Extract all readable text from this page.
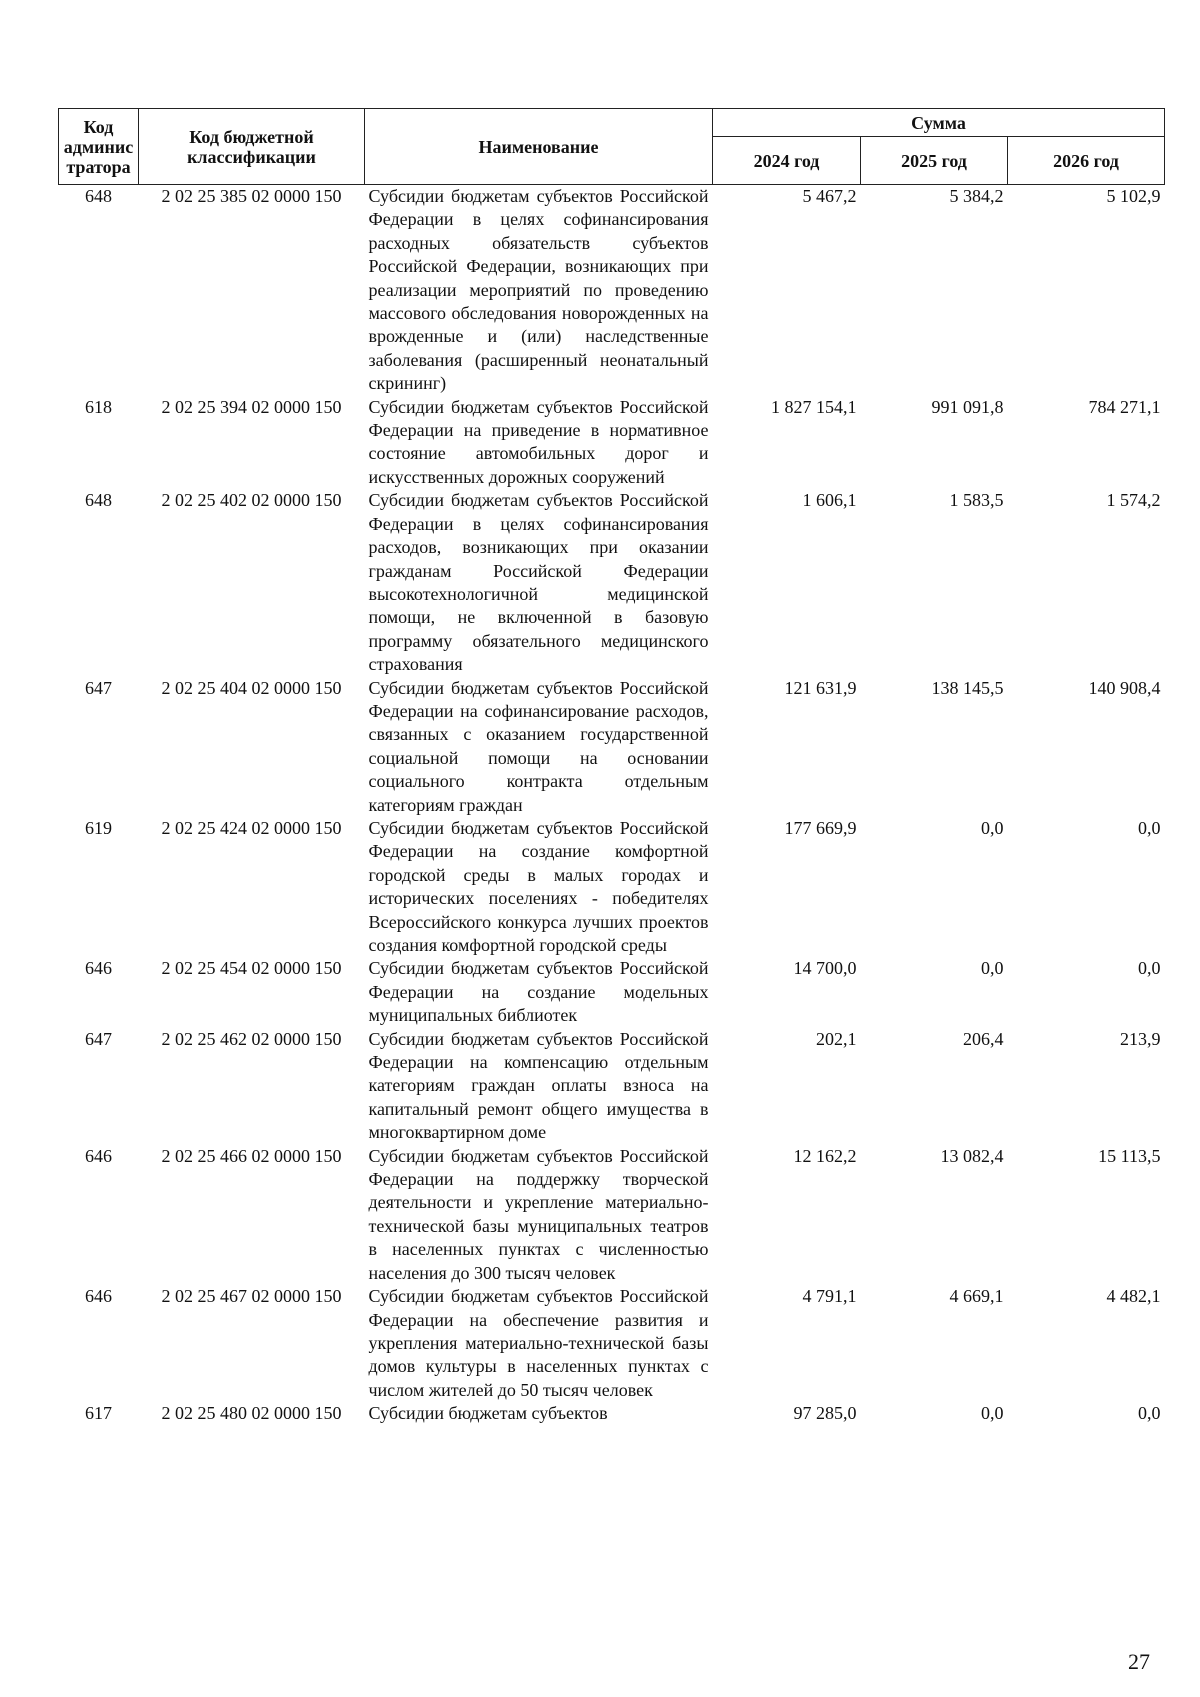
Код админис тратора	Код бюджетной классификации	Наименование	Сумма		
			2024 год	2025 год	2026 год
648	2 02 25 385 02 0000 150	Субсидии бюджетам субъектов Российской Федерации в целях софинансирования расходных обязательств субъектов Российской Федерации, возникающих при реализации мероприятий по проведению массового обследования новорожденных на врожденные и (или) наследственные заболевания (расширенный неонатальный скрининг)	5 467,2	5 384,2	5 102,9
618	2 02 25 394 02 0000 150	Субсидии бюджетам субъектов Российской Федерации на приведение в нормативное состояние автомобильных дорог и искусственных дорожных сооружений	1 827 154,1	991 091,8	784 271,1
648	2 02 25 402 02 0000 150	Субсидии бюджетам субъектов Российской Федерации в целях софинансирования расходов, возникающих при оказании гражданам Российской Федерации высокотехнологичной медицинской помощи, не включенной в базовую программу обязательного медицинского страхования	1 606,1	1 583,5	1 574,2
647	2 02 25 404 02 0000 150	Субсидии бюджетам субъектов Российской Федерации на софинансирование расходов, связанных с оказанием государственной социальной помощи на основании социального контракта отдельным категориям граждан	121 631,9	138 145,5	140 908,4
619	2 02 25 424 02 0000 150	Субсидии бюджетам субъектов Российской Федерации на создание комфортной городской среды в малых городах и исторических поселениях - победителях Всероссийского конкурса лучших проектов создания комфортной городской среды	177 669,9	0,0	0,0
646	2 02 25 454 02 0000 150	Субсидии бюджетам субъектов Российской Федерации на создание модельных муниципальных библиотек	14 700,0	0,0	0,0
647	2 02 25 462 02 0000 150	Субсидии бюджетам субъектов Российской Федерации на компенсацию отдельным категориям граждан оплаты взноса на капитальный ремонт общего имущества в многоквартирном доме	202,1	206,4	213,9
646	2 02 25 466 02 0000 150	Субсидии бюджетам субъектов Российской Федерации на поддержку творческой деятельности и укрепление материально-технической базы муниципальных театров в населенных пунктах с численностью населения до 300 тысяч человек	12 162,2	13 082,4	15 113,5
646	2 02 25 467 02 0000 150	Субсидии бюджетам субъектов Российской Федерации на обеспечение развития и укрепления материально-технической базы домов культуры в населенных пунктах с числом жителей до 50 тысяч человек	4 791,1	4 669,1	4 482,1
617	2 02 25 480 02 0000 150	Субсидии бюджетам субъектов	97 285,0	0,0	0,0
27
